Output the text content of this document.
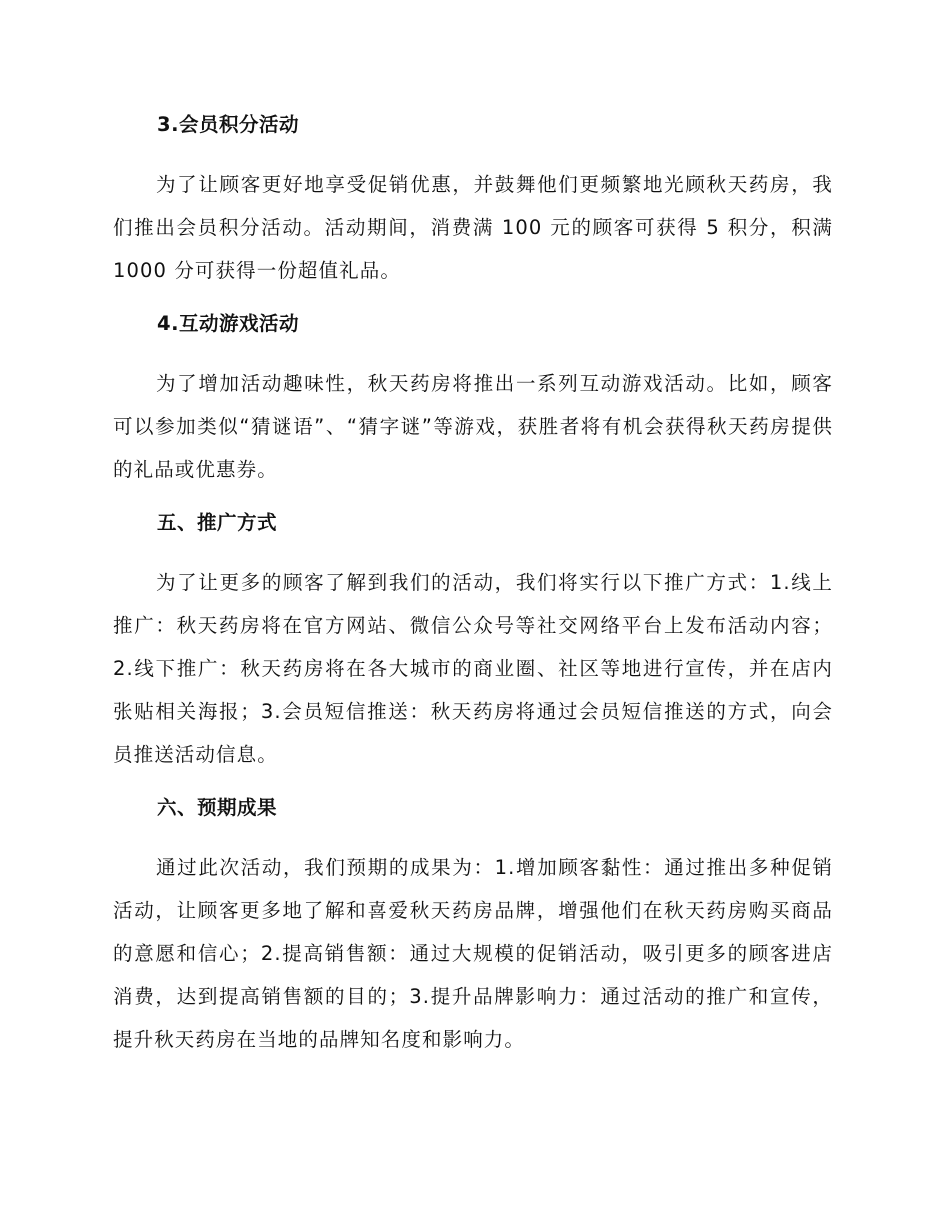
3.会员积分活动

为了让顾客更好地享受促销优惠，并鼓舞他们更频繁地光顾秋天药房，我们推出会员积分活动。活动期间，消费满 100 元的顾客可获得 5 积分，积满 1000 分可获得一份超值礼品。

4.互动游戏活动

为了增加活动趣味性，秋天药房将推出一系列互动游戏活动。比如，顾客可以参加类似“猜谜语”、“猜字谜”等游戏，获胜者将有机会获得秋天药房提供的礼品或优惠券。

五、推广方式

为了让更多的顾客了解到我们的活动，我们将实行以下推广方式：1.线上推广：秋天药房将在官方网站、微信公众号等社交网络平台上发布活动内容；2.线下推广：秋天药房将在各大城市的商业圈、社区等地进行宣传，并在店内张贴相关海报；3.会员短信推送：秋天药房将通过会员短信推送的方式，向会员推送活动信息。

六、预期成果

通过此次活动，我们预期的成果为：1.增加顾客黏性：通过推出多种促销活动，让顾客更多地了解和喜爱秋天药房品牌，增强他们在秋天药房购买商品的意愿和信心；2.提高销售额：通过大规模的促销活动，吸引更多的顾客进店消费，达到提高销售额的目的；3.提升品牌影响力：通过活动的推广和宣传，提升秋天药房在当地的品牌知名度和影响力。
